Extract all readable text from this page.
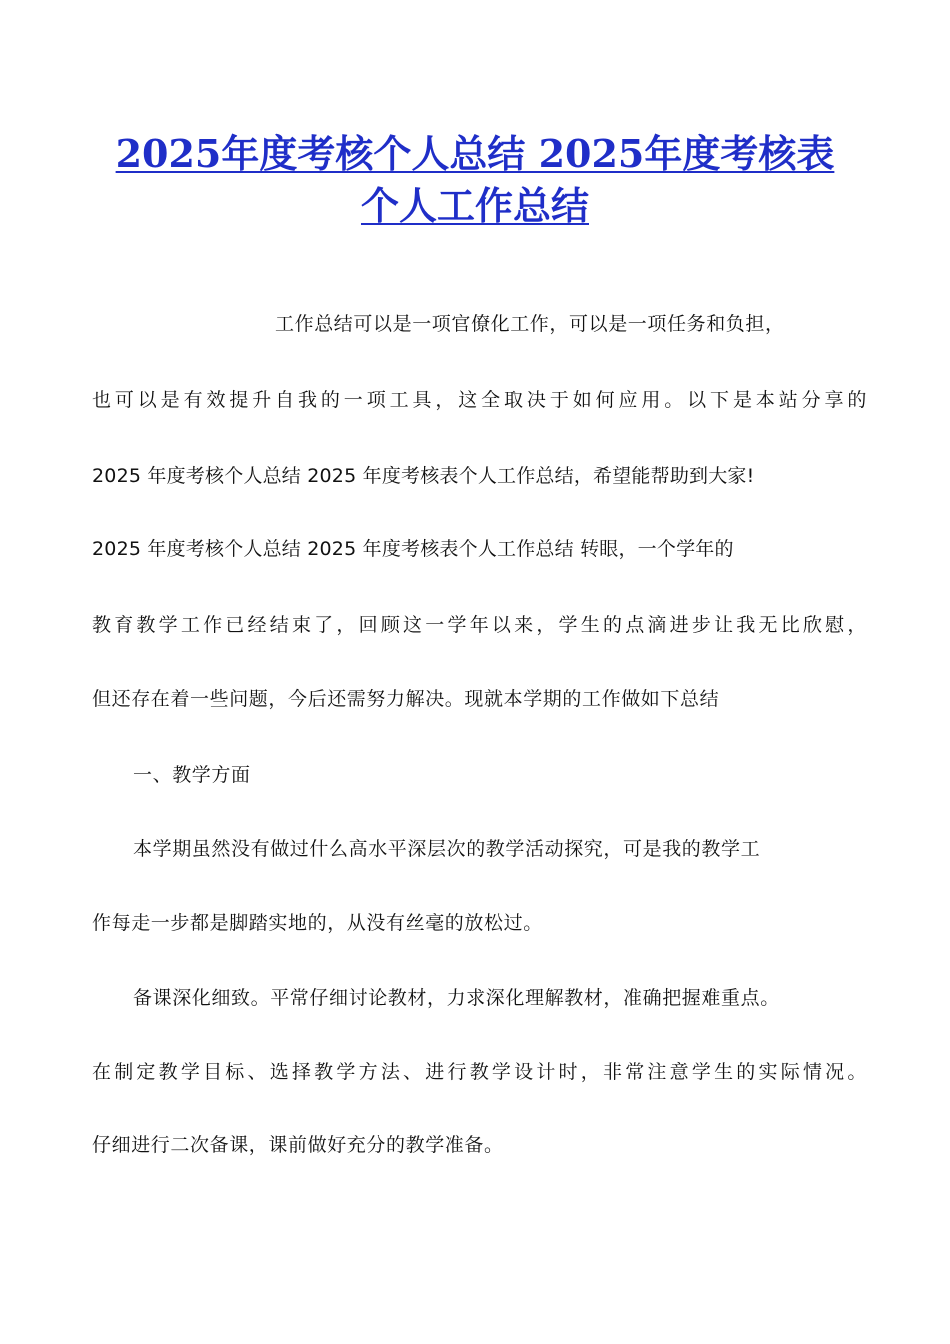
2025年度考核个人总结 2025年度考核表
个人工作总结
工作总结可以是一项官僚化工作，可以是一项任务和负担，
也可以是有效提升自我的一项工具，这全取决于如何应用。以下是本站分享的
2025 年度考核个人总结 2025 年度考核表个人工作总结，希望能帮助到大家!
2025 年度考核个人总结 2025 年度考核表个人工作总结 转眼，一个学年的
教育教学工作已经结束了，回顾这一学年以来，学生的点滴进步让我无比欣慰，
但还存在着一些问题，今后还需努力解决。现就本学期的工作做如下总结
一、教学方面
本学期虽然没有做过什么高水平深层次的教学活动探究，可是我的教学工
作每走一步都是脚踏实地的，从没有丝毫的放松过。
备课深化细致。平常仔细讨论教材，力求深化理解教材，准确把握难重点。
在制定教学目标、选择教学方法、进行教学设计时，非常注意学生的实际情况。
仔细进行二次备课，课前做好充分的教学准备。
